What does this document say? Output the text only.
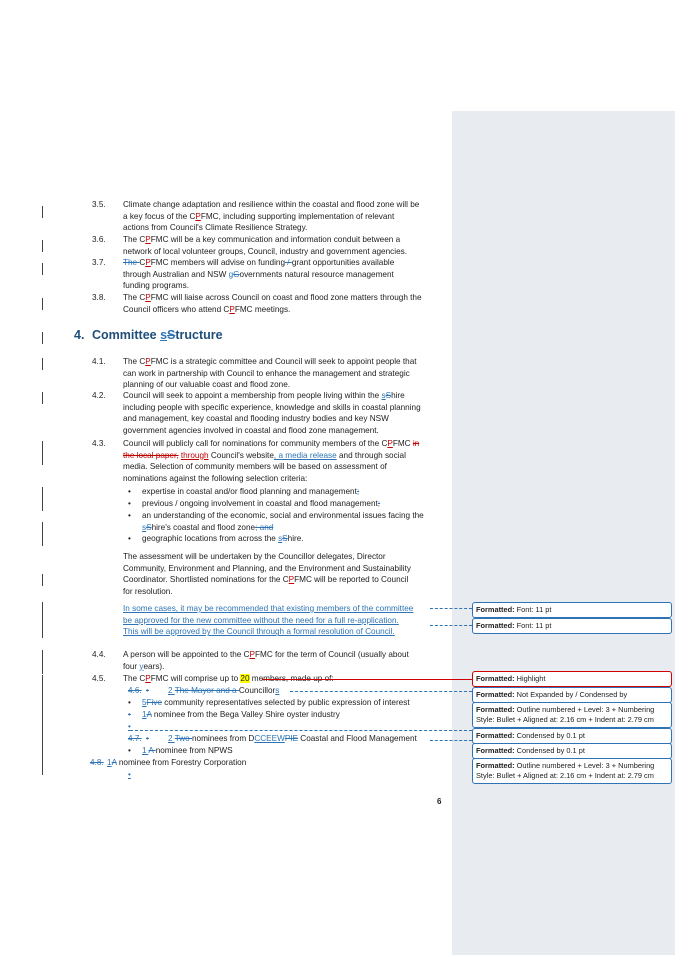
3.5. Climate change adaptation and resilience within the coastal and flood zone will be
a key focus of the CPFMC, including supporting implementation of relevant
actions from Council's Climate Resilience Strategy.
3.6. The CPFMC will be a key communication and information conduit between a
network of local volunteer groups, Council, industry and government agencies.
3.7. The CPFMC members will advise on funding / grant opportunities available
through Australian and NSW gGovernments natural resource management
funding programs.
3.8. The CPFMC will liaise across Council on coast and flood zone matters through the
Council officers who attend CPFMC meetings.
4. Committee sStructure
4.1. The CPFMC is a strategic committee and Council will seek to appoint people that
can work in partnership with Council to enhance the management and strategic
planning of our valuable coast and flood zone.
4.2. Council will seek to appoint a membership from people living within the sShire
including people with specific experience, knowledge and skills in coastal planning
and management, key coastal and flooding industry bodies and key NSW
government agencies involved in coastal and flood zone management.
4.3. Council will publicly call for nominations for community members of the CPFMC in
the local paper, through Council's website, a media release and through social
media. Selection of community members will be based on assessment of
nominations against the following selection criteria:
• expertise in coastal and/or flood planning and management;
• previous / ongoing involvement in coastal and flood management;
• an understanding of the economic, social and environmental issues facing the
sShire's coastal and flood zone; and
• geographic locations from across the sShire.
The assessment will be undertaken by the Councillor delegates, Director
Community, Environment and Planning, and the Environment and Sustainability
Coordinator. Shortlisted nominations for the CPFMC will be reported to Council
for resolution.
In some cases, it may be recommended that existing members of the committee
be approved for the new committee without the need for a full re-application.
This will be approved by the Council through a formal resolution of Council.
4.4. A person will be appointed to the CPFMC for the term of Council (usually about
four years).
4.5. The CPFMC will comprise up to 20 members, made up of:
4.6. • 2 The Mayor and a Councillors
• 5Five community representatives selected by public expression of interest
• 1A nominee from the Bega Valley Shire oyster industry
•
4.7. • 2 Two nominees from DCCEEWPIE Coastal and Flood Management
• 1 A nominee from NPWS
4.8. 1A nominee from Forestry Corporation
•
6
Formatted: Font: 11 pt
Formatted: Font: 11 pt
Formatted: Highlight
Formatted: Not Expanded by / Condensed by
Formatted: Outline numbered + Level: 3 + Numbering
Style: Bullet + Aligned at: 2.16 cm + Indent at: 2.79 cm
Formatted: Condensed by 0.1 pt
Formatted: Condensed by 0.1 pt
Formatted: Outline numbered + Level: 3 + Numbering
Style: Bullet + Aligned at: 2.16 cm + Indent at: 2.79 cm
